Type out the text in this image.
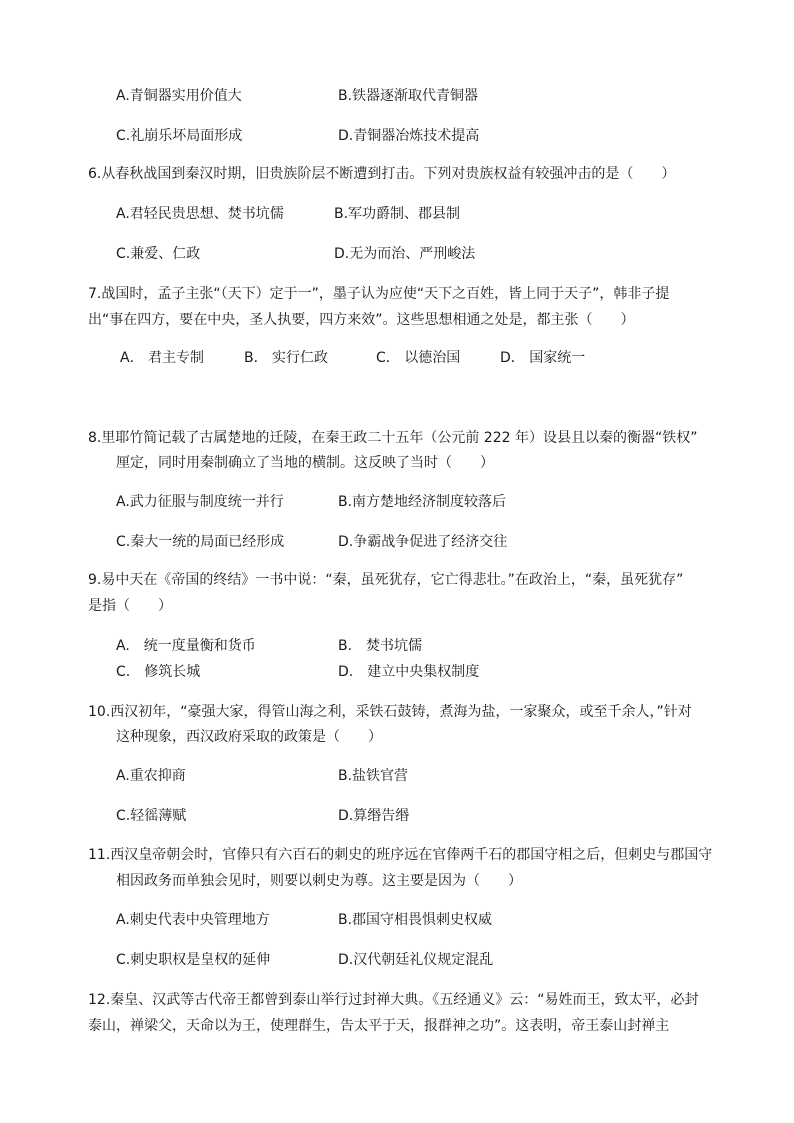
A.青铜器实用价值大	B.铁器逐渐取代青铜器
C.礼崩乐坏局面形成	D.青铜器冶炼技术提高
6.从春秋战国到秦汉时期，旧贵族阶层不断遭到打击。下列对贵族权益有较强冲击的是（　　）
A.君轻民贵思想、焚书坑儒	B.军功爵制、郡县制
C.兼爱、仁政	D.无为而治、严刑峻法
7.战国时，孟子主张“（天下）定于一”，墨子认为应使“天下之百姓，皆上同于天子”，韩非子提
出“事在四方，要在中央，圣人执要，四方来效”。这些思想相通之处是，都主张（　　）
A． 君主专制	B． 实行仁政	C． 以德治国	D． 国家统一
8.里耶竹简记载了古属楚地的迁陵，在秦王政二十五年（公元前 222 年）设县且以秦的衡器“铁权”
厘定，同时用秦制确立了当地的横制。这反映了当时（　　）
A.武力征服与制度统一并行	B.南方楚地经济制度较落后
C.秦大一统的局面已经形成	D.争霸战争促进了经济交往
9.易中天在《帝国的终结》一书中说：“秦，虽死犹存，它亡得悲壮。”在政治上，“秦，虽死犹存”
是指（　　）
A.　统一度量衡和货币	B.　焚书坑儒
C.　修筑长城	D.　建立中央集权制度
10.西汉初年，“豪强大家，得管山海之利，采铁石鼓铸，煮海为盐，一家聚众，或至千余人，”针对
这种现象，西汉政府采取的政策是（　　）
A.重农抑商	B.盐铁官营
C.轻徭薄赋	D.算缗告缗
11.西汉皇帝朝会时，官俸只有六百石的刺史的班序远在官俸两千石的郡国守相之后，但刺史与郡国守
相因政务而单独会见时，则要以刺史为尊。这主要是因为（　　）
A.刺史代表中央管理地方	B.郡国守相畏惧刺史权威
C.刺史职权是皇权的延伸	D.汉代朝廷礼仪规定混乱
12.秦皇、汉武等古代帝王都曾到泰山举行过封禅大典。《五经通义》云：“易姓而王，致太平，必封
泰山，禅梁父，天命以为王，使理群生，告太平于天，报群神之功”。这表明，帝王泰山封禅主
